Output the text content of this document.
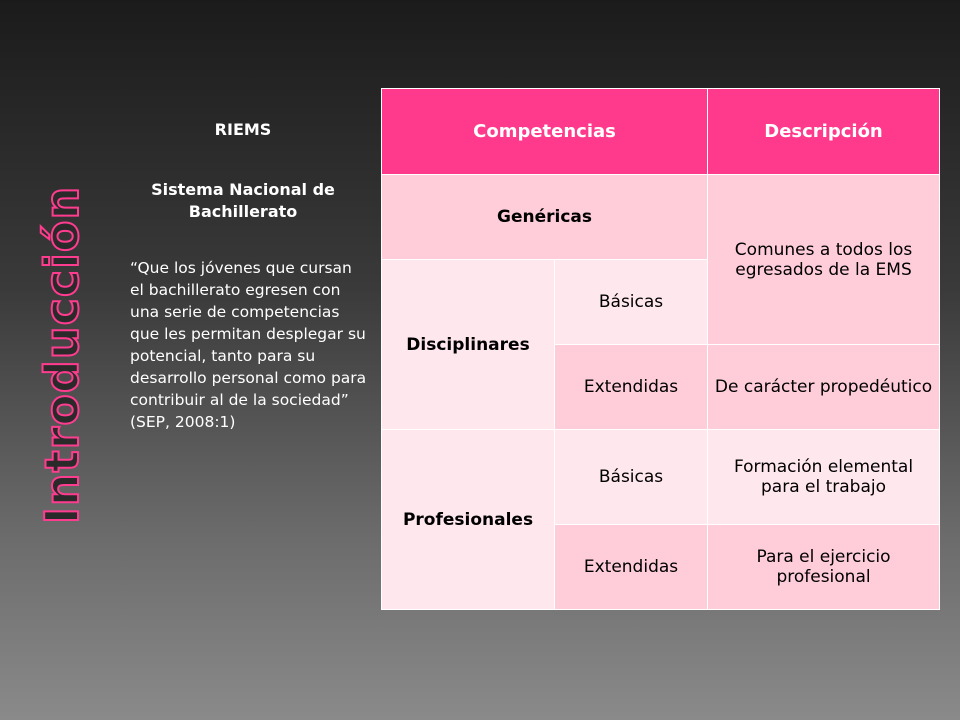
Introducción

RIEMS

Sistema Nacional de Bachillerato

“Que los jóvenes que cursan el bachillerato egresen con una serie de competencias que les permitan desplegar su potencial, tanto para su desarrollo personal como para contribuir al de la sociedad” (SEP, 2008:1)

Competencias		Descripción
Genéricas		Comunes a todos los egresados de la EMS
Disciplinares	Básicas	
	Extendidas	De carácter propedéutico
Profesionales	Básicas	Formación elemental para el trabajo
	Extendidas	Para el ejercicio profesional
